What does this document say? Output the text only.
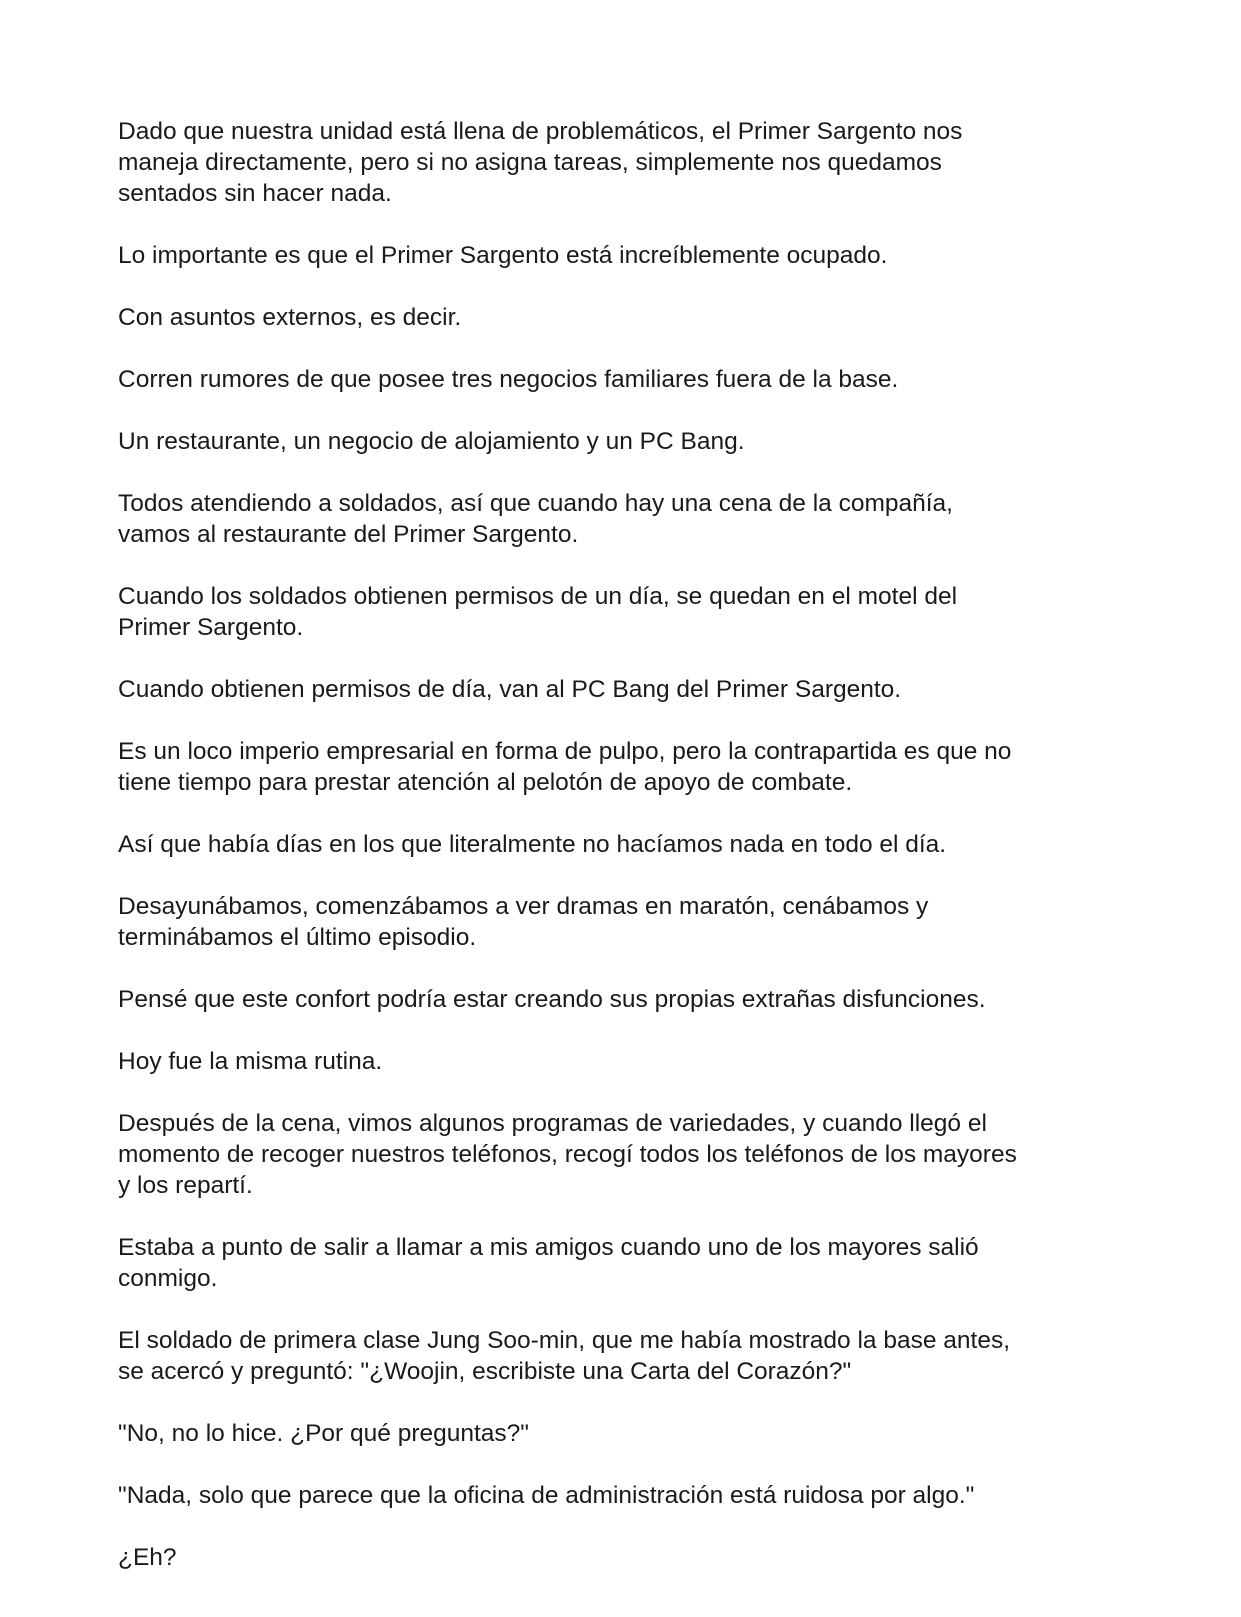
Dado que nuestra unidad está llena de problemáticos, el Primer Sargento nos
maneja directamente, pero si no asigna tareas, simplemente nos quedamos
sentados sin hacer nada.

Lo importante es que el Primer Sargento está increíblemente ocupado.

Con asuntos externos, es decir.

Corren rumores de que posee tres negocios familiares fuera de la base.

Un restaurante, un negocio de alojamiento y un PC Bang.

Todos atendiendo a soldados, así que cuando hay una cena de la compañía,
vamos al restaurante del Primer Sargento.

Cuando los soldados obtienen permisos de un día, se quedan en el motel del
Primer Sargento.

Cuando obtienen permisos de día, van al PC Bang del Primer Sargento.

Es un loco imperio empresarial en forma de pulpo, pero la contrapartida es que no
tiene tiempo para prestar atención al pelotón de apoyo de combate.

Así que había días en los que literalmente no hacíamos nada en todo el día.

Desayunábamos, comenzábamos a ver dramas en maratón, cenábamos y
terminábamos el último episodio.

Pensé que este confort podría estar creando sus propias extrañas disfunciones.

Hoy fue la misma rutina.

Después de la cena, vimos algunos programas de variedades, y cuando llegó el
momento de recoger nuestros teléfonos, recogí todos los teléfonos de los mayores
y los repartí.

Estaba a punto de salir a llamar a mis amigos cuando uno de los mayores salió
conmigo.

El soldado de primera clase Jung Soo-min, que me había mostrado la base antes,
se acercó y preguntó: "¿Woojin, escribiste una Carta del Corazón?"

"No, no lo hice. ¿Por qué preguntas?"

"Nada, solo que parece que la oficina de administración está ruidosa por algo."

¿Eh?
